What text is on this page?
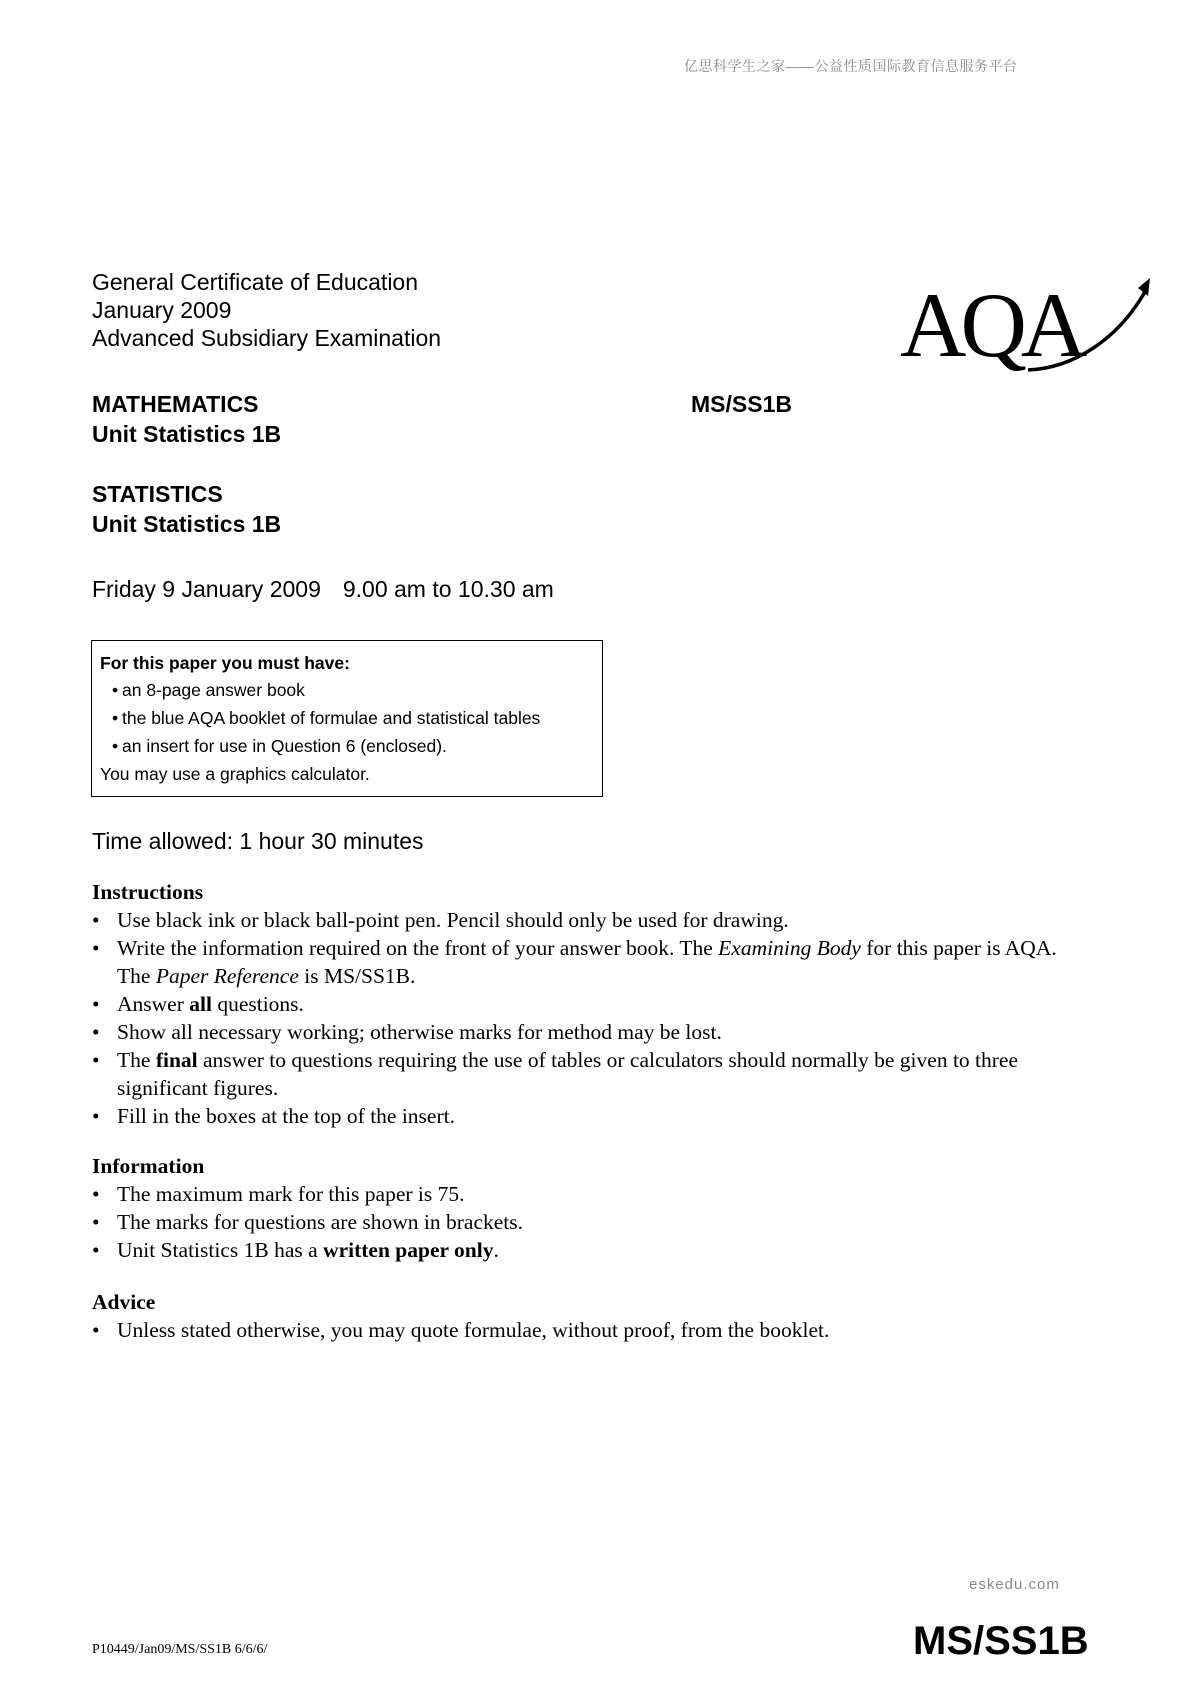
亿思科学生之家——公益性质国际教育信息服务平台
General Certificate of Education
January 2009
Advanced Subsidiary Examination	AQA
MATHEMATICS
Unit Statistics 1B
MS/SS1B
STATISTICS
Unit Statistics 1B
Friday 9 January 2009 9.00 am to 10.30 am
For this paper you must have:
• an 8-page answer book
• the blue AQA booklet of formulae and statistical tables
• an insert for use in Question 6 (enclosed).
You may use a graphics calculator.
Time allowed: 1 hour 30 minutes
Instructions
• Use black ink or black ball-point pen. Pencil should only be used for drawing.
• Write the information required on the front of your answer book. The Examining Body for this paper is AQA. The Paper Reference is MS/SS1B.
• Answer all questions.
• Show all necessary working; otherwise marks for method may be lost.
• The final answer to questions requiring the use of tables or calculators should normally be given to three significant figures.
• Fill in the boxes at the top of the insert.
Information
• The maximum mark for this paper is 75.
• The marks for questions are shown in brackets.
• Unit Statistics 1B has a written paper only.
Advice
• Unless stated otherwise, you may quote formulae, without proof, from the booklet.
eskedu.com
P10449/Jan09/MS/SS1B 6/6/6/	MS/SS1B
